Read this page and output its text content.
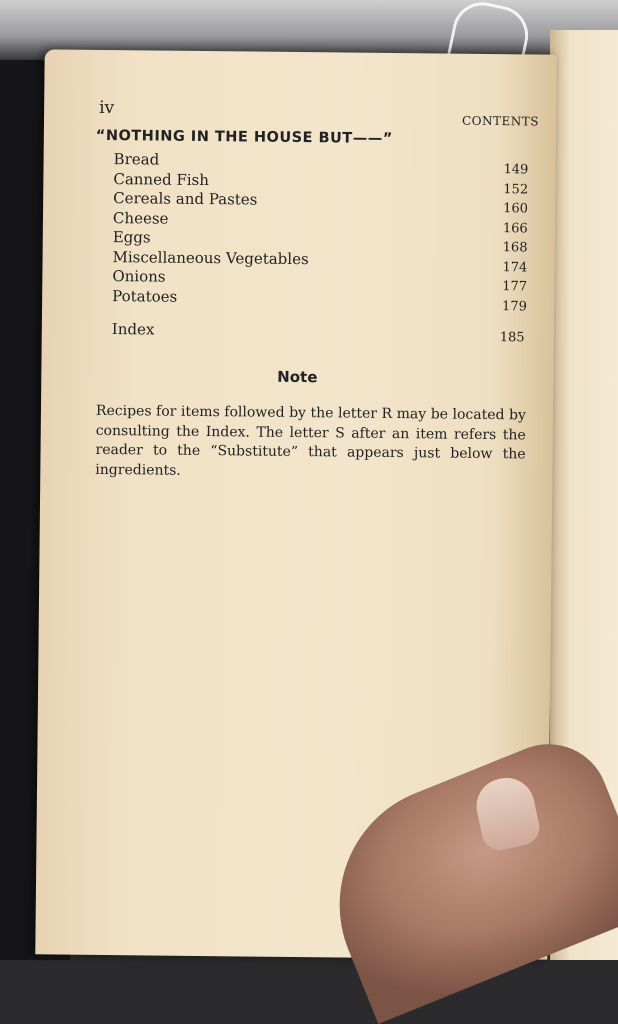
iv
CONTENTS
“NOTHING IN THE HOUSE BUT——”
Bread
149
Canned Fish
152
Cereals and Pastes
160
Cheese
166
Eggs
168
Miscellaneous Vegetables	174
Onions
177
Potatoes
179
Index	185
Note
Recipes for items followed by the letter R may be located by consulting the Index. The letter S after an item refers the reader to the “Substitute” that appears just below the ingredients.
